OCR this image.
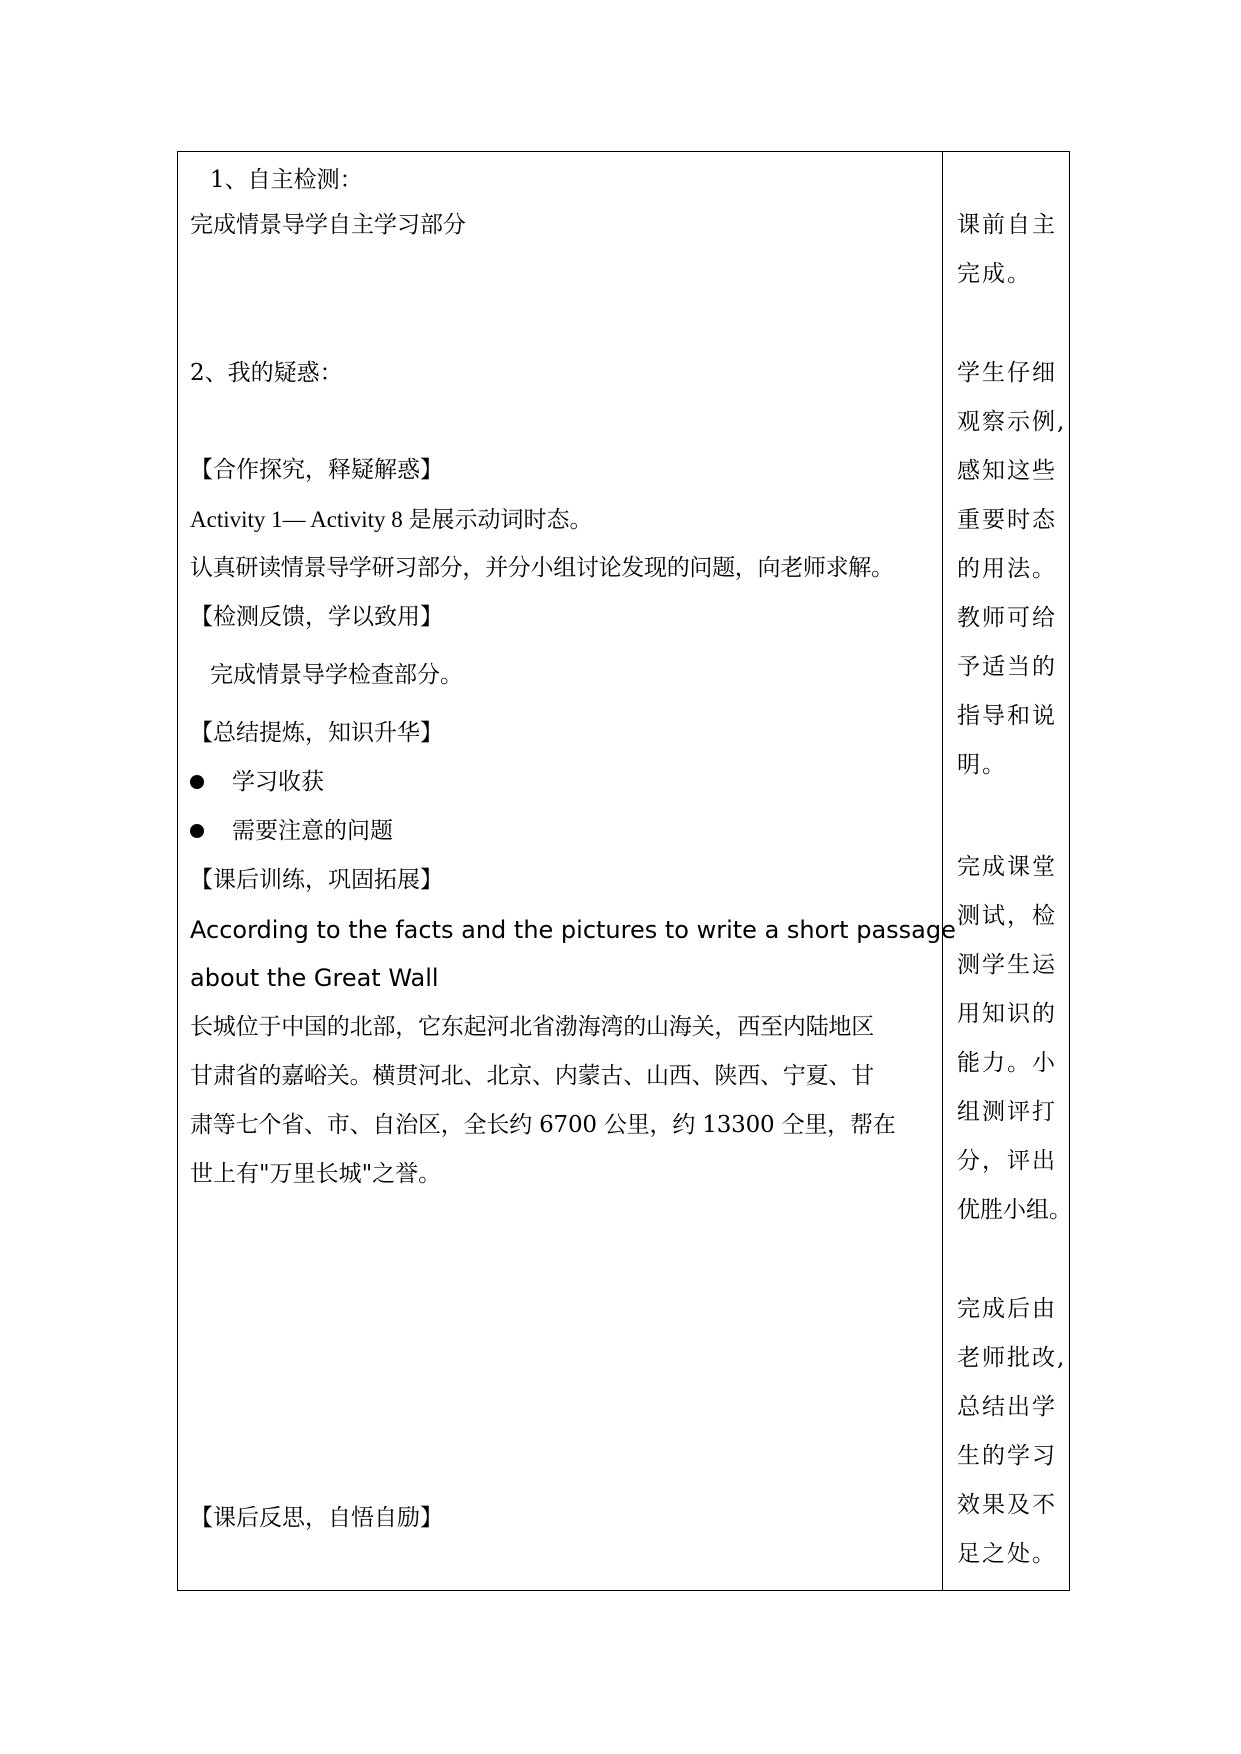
1、自主检测：
完成情景导学自主学习部分
2、我的疑惑：
【合作探究，释疑解惑】
Activity 1— Activity 8 是展示动词时态。
认真研读情景导学研习部分，并分小组讨论发现的问题，向老师求解。
【检测反馈，学以致用】
完成情景导学检查部分。
【总结提炼，知识升华】
学习收获
需要注意的问题
【课后训练，巩固拓展】
According to the facts and the pictures to write a short passage
about the Great Wall
长城位于中国的北部，它东起河北省渤海湾的山海关，西至内陆地区
甘肃省的嘉峪关。横贯河北、北京、内蒙古、山西、陕西、宁夏、甘
肃等七个省、市、自治区，全长约 6700 公里，约 13300 仝里，帮在
世上有"万里长城"之誉。
【课后反思，自悟自励】
课前自主
完成。
学生仔细
观察示例,
感知这些
重要时态
的用法。
教师可给
予适当的
指导和说
明。
完成课堂
测试，检
测学生运
用知识的
能力。小
组测评打
分，评出
优胜小组。
完成后由
老师批改,
总结出学
生的学习
效果及不
足之处。
